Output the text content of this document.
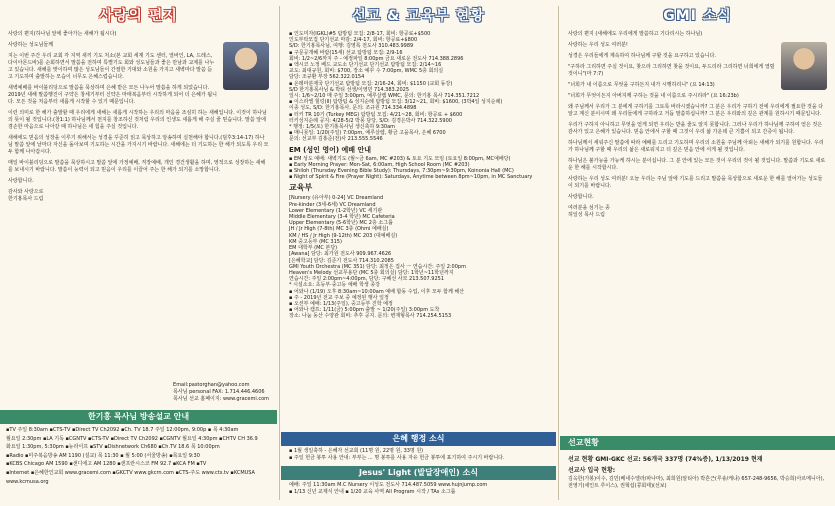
사랑의 편지
사랑의 편지(하나님 앞에 좋아가는 새해가 됩시다)
사랑하는 성도님들께
지는 이번 주간 우리 교회 각 지역 새끼 기도 처소(본 교회 세계 기도 센터, 열바인, LA, 드레스, 다이아몬드바)를 순회하면서 말씀을 전하며 특별기도 회와 성도님들과 좋은 만남과 교제를 나누고 있습니다. 새해를 맞이하며 많은 성도님들이 간절한 기대와 소원을 가지고 새벽마다 말씀 듣고 기도하며 출발하는 모습이 너무도 은혜스럽습니다.
새벽예배를 바이블리딩으로 말씀을 묵상하며 은혜 받은 모든 나누어 말씀을 하게 되었습니다. 2019년 새해 말씀행진이 구약은 창세기부터 신약은 마태복음부터 시작하게 되어 더 은혜가 됩니다. 모든 것을 처음부터 새롭게 시작할 수 있기 때문입니다.
이런 의미로 한 해가 출발할 때 우리에게 새해는 새롭게 시작하는 우리의 마음을 조심히 하는 새해입니다. 이것이 하나님의 뜻이 될 것입니다.(창1:1) 하나님께서 천지를 창조하신 것처럼 우리의 인생도 새롭게 해 주실 줄 믿습니다. 말씀 앞에 겸손한 마음으로 나아갈 때 하나님은 새 힘을 주실 것입니다.
새해에도 믿음의 성장을 이루기 위해서는 성경을 꾸준히 읽고 묵상하고 암송하며 실천해야 합니다.(딤후3:14-17) 하나님 말씀 앞에 날마다 자신을 돌아보며 기도하는 시간을 가지시기 바랍니다. 새해에는 더 기도하는 한 해가 되도록 우리 모두 함께 나아갑시다.
매일 바이블리딩으로 말씀을 묵상하시고 말씀 앞에 가정예배, 직장예배, 개인 경건생활을 하며, 영적으로 성장하는 새해를 보내시기 바랍니다. 말씀이 능력이 되고 믿음이 우리를 이끌어 주는 한 해가 되기를 소망합니다.
사랑합니다.
감사와 사랑으로
한기홍목사 드림
Email:pastorghan@yahoo.com
목사님 personal FAX: 1.714.446.4606
목사님 선교 홈페이지: www.gracemi.com
한기홍 목사님 방송설교 안내
▪TV 주일 8:30am ▪CTS-TV ▪Direct TV Ch2092 ▪Ch. TV 18.7 주일 12:00pm, 9:00p ▪ 목 4:30am
월요일 2:30pm ▪LA 기독 ▪CGNTV ▪CTS-TV ▪Direct TV Ch2092 ▪CGNTV 월요일 4:30pm ▪CHTV CH 36.9
화요일 1:30pm, 5:30pm ▪뉴라이프 ▪STV ▪Dishnetwork Ch680 ▪Ch.TV 18.6 목 10:00pm
▪Radio ▪미주복음방송 AM 1190 (설교) 목 11:30 ▪ 월 5:00 (서울방송) ▪목요일 9:30
▪KCBS Chicago AM 1590 ▪샌디에고 AM 1280 ▪샌프란시스코 FM 92.7 ▪KCA FM ▪TV
▪Internet ▪은혜한인교회 www.gracemi.com ▪GKCTV www.gkcrn.com ▪CTS-주도 www.cts.tv ▪KCMUSA www.kcmusa.org
선교 & 교육부 현황
▪ 인도미자(IGKL)#5 탐방팀 모집: 2/8-17, 회비: 항공료+$500
인도부탁모집 단기선교 마감: 2/4-17, 회비: 항공료+$800
S/D: 한기홍목사님, 여행: 김영록 전도사 310.483.9989
▪ 구문공개혜 바람(15세) 선교 탐방팀 모집: 2/9-16
회비: 1/2~2/6까지 주 - 예정파일 8:00pm 금요 새로운 전도사 714.388.2896
▪ 엑시코 노정 베드 교도소 단기선교 단기선교 탐방팀 모집: 2/14~16
교도: 최대규원, 회비: $700, 장소 예꾸 수 7:00pm, WMC 5층 회의실
담당: 조규환 부장 562.322.0154
▪ 온레마분제국 단기선교 탐방팀 모집: 2/16-24, 회비: $1150 (교회 동강)
S/D 한기홍목사님 & 박티 선생/이영민 714.383.2025
일시: 1/6~2/10 매 주일 3:00pm, 예루살렘 WMC, 문의: 한기홍 목사 714.351.7212
▪ 이스라엘 힐링(II) 탐방팀 & 성지순례 탐방팀 모집: 3/12~21, 회비: $1600, (3박4일 성지순례)
이종 성도, S/D: 한기홍목사, 문의: 조규원 714.334.4898
▪ 터키 TR 10기 (Turkey MEG) 탐방팀 모집: 4/21~28, 회비: 항공료 + $600
터키성지순례 공지: 4/28-5/2 박몽 담당, S/D: 김경은박사 714.322.5900
* 행정: 1/5(토) 한기홍목사님 생신축하 9:30am
▪ 매니못일: 1/20(주일) 7:00pm, 예루살렘, 황금 고을목사, 은혜 6700
문의: 선교부 김홍준(전)사 213.555.5546
EM (성인 영어) 예배 안내
▪ EM 성도 예배: 새벽기도 (월~금 6am, MC #203) & 토요 기도 모임 (토요일 8:00pm, MC예배당)
▪ Early Morning Prayer: Mon-Sat, 6:00am, High School Room (MC #203)
▪ Shiloh (Thursday Evening Bible Study): Thursdays, 7:30pm~9:30pm, Koinonia Hall (MC)
▪ Night of Spirit & Fire (Prayer Night): Saturdays, Anytime between 8pm~10pm, in MC Sanctuary
교육부
[Nursery (유아부) 0-24] VC Dreamland
Pre-kinder (3세-6세) VC Dreamland
Lower Elementary (1-2학년) VC 세기관
Middle Elementary (3-4 학년) MC Cafeteria
Upper Elementary (5-6학년) MC 2층 소그룹
JH / Jr High (7-8th) MC 3층 (Ohmi 예배실)
KM / HS / Jr High (9-12th) MC 203 (대예배실)
KM 중고등부 (MC 315)
EM 대학부 (MC 본당)
[Awana] 담당: 최가원 전도사 909.967.4626
[은혜학교] 담당: 김준기 전도사 714.310.2085
GMI Youth Orchestra (MC 351) 담당: 최정은 집사 ㅡ 연습시간: 주일 2:00pm
Heaven's Melody 선교무용단 (MC 5층 회의실) 담당: 1학년~11학년까지
연습시간: 주일 2:00pm~4:00pm, 담당: 구혜선 사모 213.507.9251
* 시설소요: 초등부·중고등 예배 학생 종강
▪ 어와나 (1/19) 오후 8:30am~10:00am 예배 합동 수업, 이후 모두 함께 해산
▪ 주 - 2019년 전교 주보 중 예정된 행사 일정
▪ 오션부 예배: 1/13(주일), 중고등부 진학 예정
▪ 어와나 캠프: 1/11(금) 5:00pm 출발 ~ 1/20(주일) 3:00pm 도착
장소: 나눔 동산 수양관 회비: 추후 공지. 문의: 변재형목사 714.254.5153
은혜 행정 소식
▪ 1월 생일축하 - 은혜자 선교회 (11명 원, 22명 원, 33명 원)
▪ 주일 헌금 봉투 사용 안내: 부부는 ... 명 봉투를 사용 자유 헌금 봉투에 표기하여 주시기 바랍니다.
Jesus' Light (발달장애인) 소식
예배: 주일 11:30am M.C Nursery 이성도 전도사 714.487.5059 www.hujnjump.com
▪ 1/13 신년 교제식 안내 ▪ 1/20 교육 사역 All Program 시작 / TAs 소그룹
GMI 소식
사랑의 편지 (새해에도 우리에게 말씀하고 기다리시는 하나님)
사랑하는 우리 성도 여러분!
성경은 우리들에게 계속하여 하나님께 구할 것을 요구하고 있습니다.
"구하라 그리하면 주실 것이요, 찾으라 그리하면 찾을 것이요, 두드리라 그리하면 너희에게 열릴 것이니"(마 7:7)
"너희가 내 이름으로 무엇을 구하든지 내가 시행하리니" (요 14:13)
"너희가 무엇이든지 아버지께 구하는 것을 내 이름으로 주시리라" (요 16:23b)
왜 주님께서 우리가 그 분에게 구하기를 그토록 바라시겠습니까? 그 분은 우리가 구하기 전에 우리에게 필요한 것을 다 알고 계신 분이시며 왜 우리들에게 구하라고 거듭 말씀하십니까? 그 분은 우리와의 깊은 관계를 원하시기 때문입니다.
우리가 구하지 아니하고 무엇을 얻게 되면 우리는 받을 줄도 알지 못합니다. 그러나 우리가 하나님께 구하여 얻은 것은 감사가 있고 은혜가 있습니다. 믿음 안에서 구할 때 그것이 우리 삶 가운데 큰 기쁨이 되고 간증이 됩니다.
하나님께서 세워주신 말씀에 따라 예배를 드리고 기도하며 우리의 소원을 주님께 아뢰는 새해가 되기를 원합니다. 우리가 하나님께 구할 때 우리의 삶은 새로워지고 더 깊은 믿음 안에 서게 될 것입니다.
하나님은 불가능을 가능케 하시는 분이십니다. 그 분 안에 있는 모든 것이 우리의 것이 될 것입니다. 말씀과 기도로 새로운 한 해를 시작합시다.
사랑하는 우리 성도 여러분! 오늘 우리는 주님 앞에 기도를 드리고 말씀을 묵상함으로 새로운 한 해를 열어가는 성도들이 되기를 바랍니다.
사랑합니다.
여러분을 섬기는 종
허일성 목사 드림
선교현황
선교 현황 GMI-GKC 선교: 56개국 337명 (74%증), 1/13/2019 현재
선교사 입국 현황:
김옥한(가봉)이수, 김민(베네수엘라/파나마), 최희원(알티아) 박흔근(루숑/케냐) 657-248-9656, 박승희(아르메니아), 전영기(세인트 루이스), 권혁섭(콩회태)(선보)
